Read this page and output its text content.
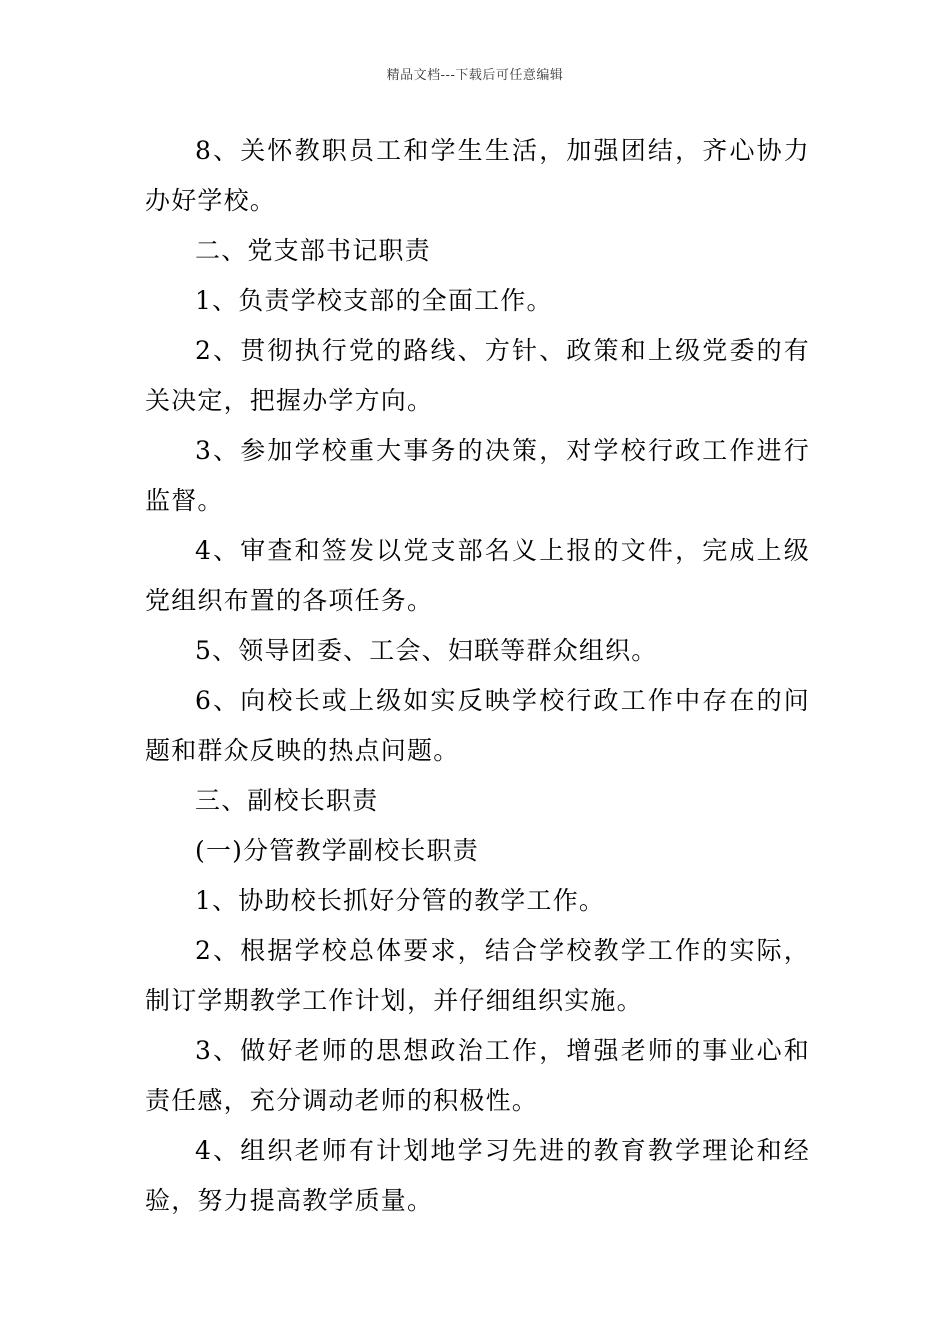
精品文档---下载后可任意编辑

8、关怀教职员工和学生生活，加强团结，齐心协力办好学校。

二、党支部书记职责

1、负责学校支部的全面工作。

2、贯彻执行党的路线、方针、政策和上级党委的有关决定，把握办学方向。

3、参加学校重大事务的决策，对学校行政工作进行监督。

4、审查和签发以党支部名义上报的文件，完成上级党组织布置的各项任务。

5、领导团委、工会、妇联等群众组织。

6、向校长或上级如实反映学校行政工作中存在的问题和群众反映的热点问题。

三、副校长职责

(一)分管教学副校长职责

1、协助校长抓好分管的教学工作。

2、根据学校总体要求，结合学校教学工作的实际，制订学期教学工作计划，并仔细组织实施。

3、做好老师的思想政治工作，增强老师的事业心和责任感，充分调动老师的积极性。

4、组织老师有计划地学习先进的教育教学理论和经验，努力提高教学质量。
